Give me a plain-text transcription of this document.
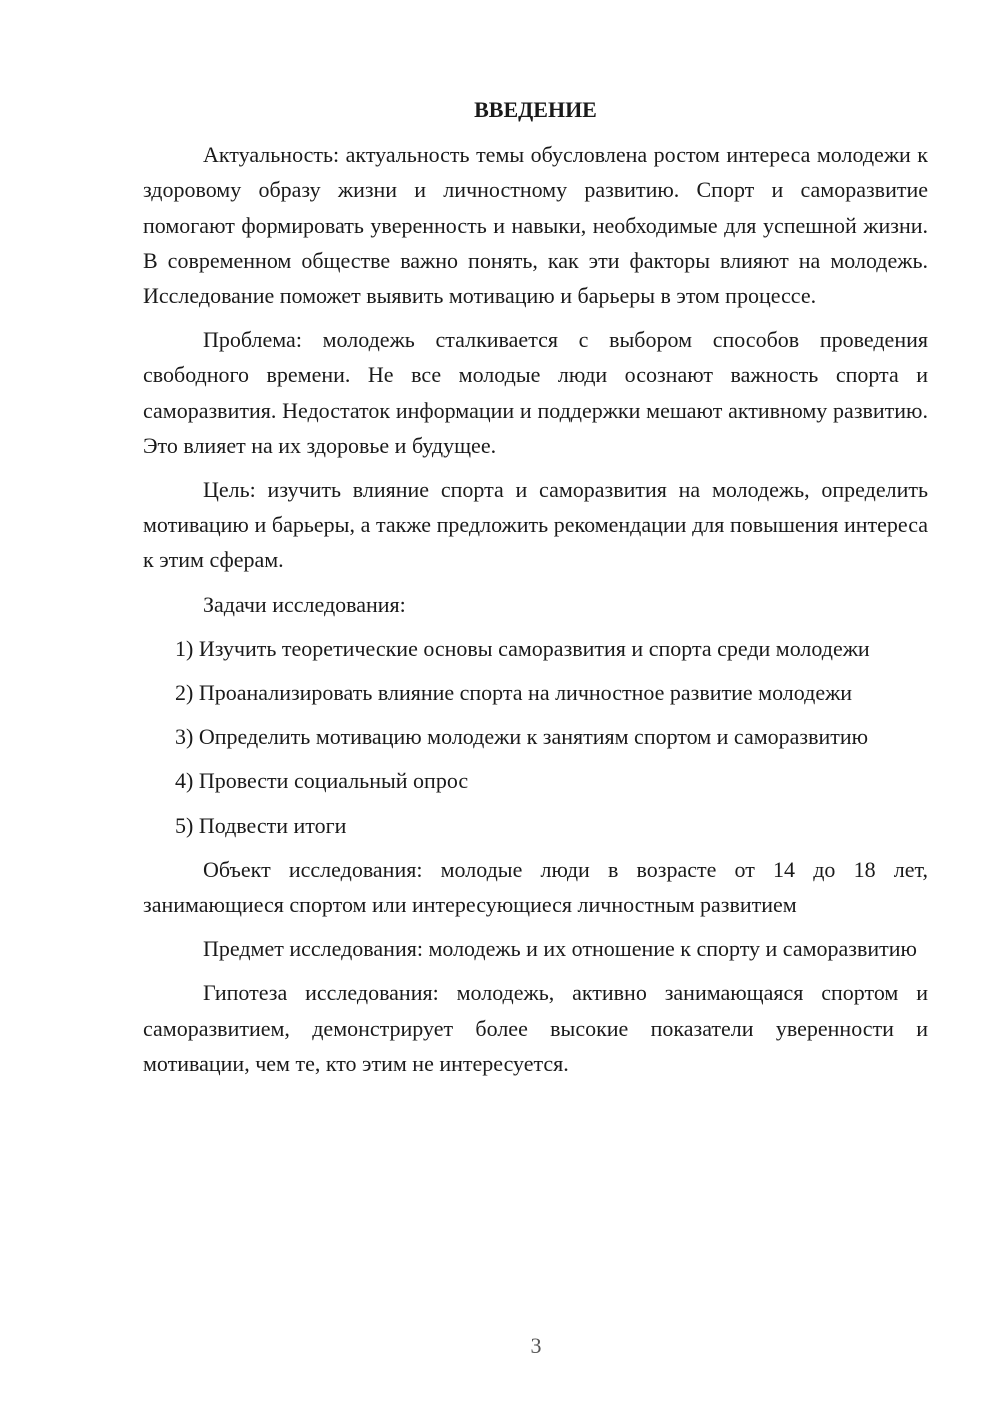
ВВЕДЕНИЕ

Актуальность: актуальность темы обусловлена ростом интереса молодежи к здоровому образу жизни и личностному развитию. Спорт и саморазвитие помогают формировать уверенность и навыки, необходимые для успешной жизни. В современном обществе важно понять, как эти факторы влияют на молодежь. Исследование поможет выявить мотивацию и барьеры в этом процессе.

Проблема: молодежь сталкивается с выбором способов проведения свободного времени. Не все молодые люди осознают важность спорта и саморазвития. Недостаток информации и поддержки мешают активному развитию. Это влияет на их здоровье и будущее.

Цель: изучить влияние спорта и саморазвития на молодежь, определить мотивацию и барьеры, а также предложить рекомендации для повышения интереса к этим сферам.

Задачи исследования:

1) Изучить теоретические основы саморазвития и спорта среди молодежи

2) Проанализировать влияние спорта на личностное развитие молодежи

3) Определить мотивацию молодежи к занятиям спортом и саморазвитию

4) Провести социальный опрос

5) Подвести итоги

Объект исследования: молодые люди в возрасте от 14 до 18 лет, занимающиеся спортом или интересующиеся личностным развитием

Предмет исследования: молодежь и их отношение к спорту и саморазвитию

Гипотеза исследования: молодежь, активно занимающаяся спортом и саморазвитием, демонстрирует более высокие показатели уверенности и мотивации, чем те, кто этим не интересуется.

3
